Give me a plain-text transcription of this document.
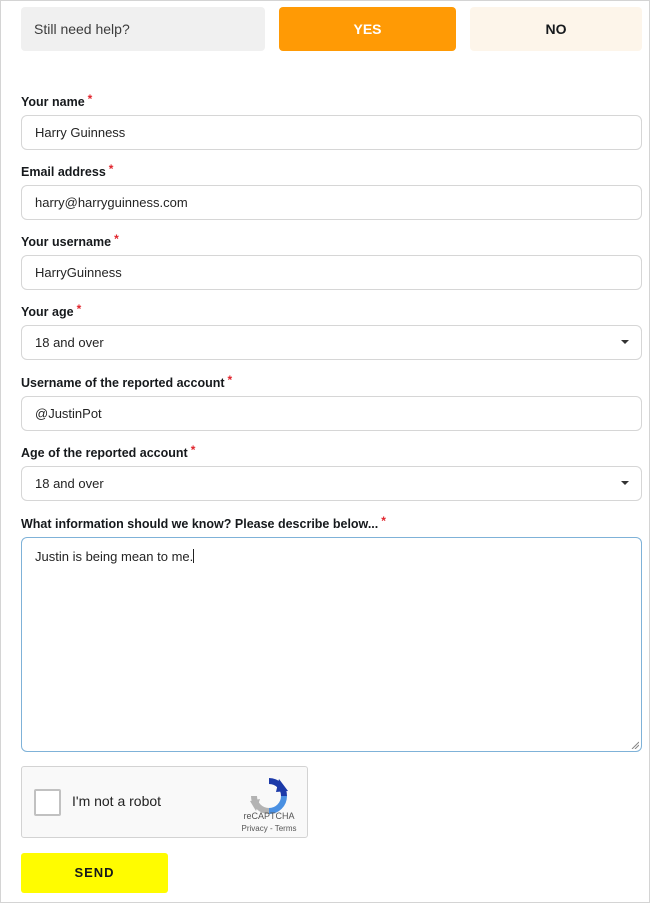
Still need help?	YES	NO
Your name *
Harry Guinness
Email address *
harry@harryguinness.com
Your username *
HarryGuinness
Your age *
18 and over
Username of the reported account *
@JustinPot
Age of the reported account *
18 and over
What information should we know? Please describe below... *
Justin is being mean to me.
I'm not a robot
reCAPTCHA
Privacy - Terms
SEND
